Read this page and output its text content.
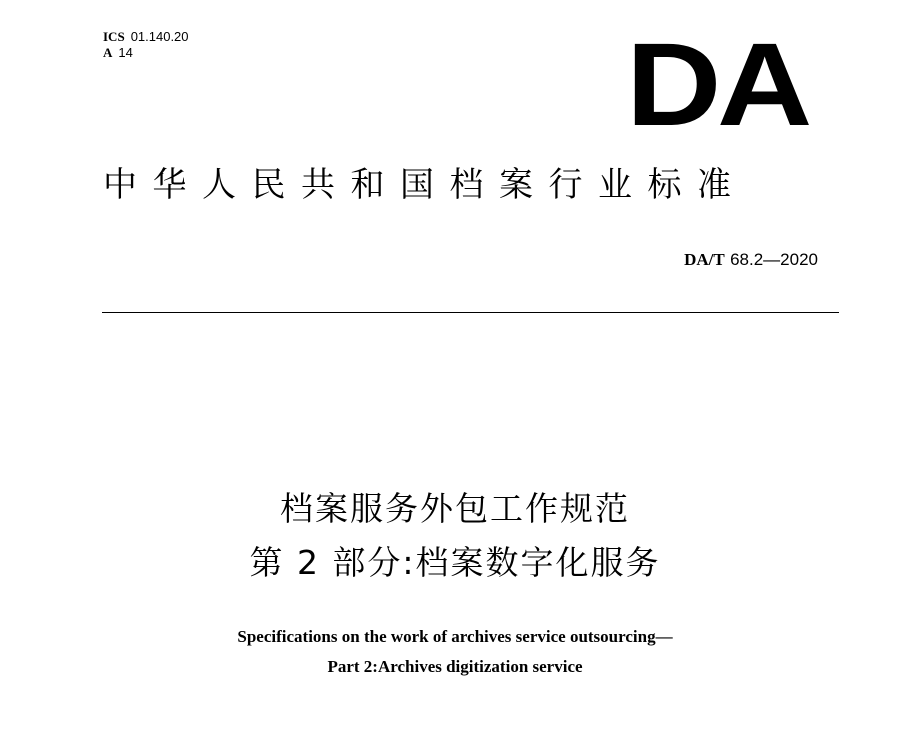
ICS 01.140.20
A 14	DA
中华人民共和国档案行业标准
DA/T 68.2—2020
档案服务外包工作规范
第 2 部分:档案数字化服务
Specifications on the work of archives service outsourcing—
Part 2:Archives digitization service
